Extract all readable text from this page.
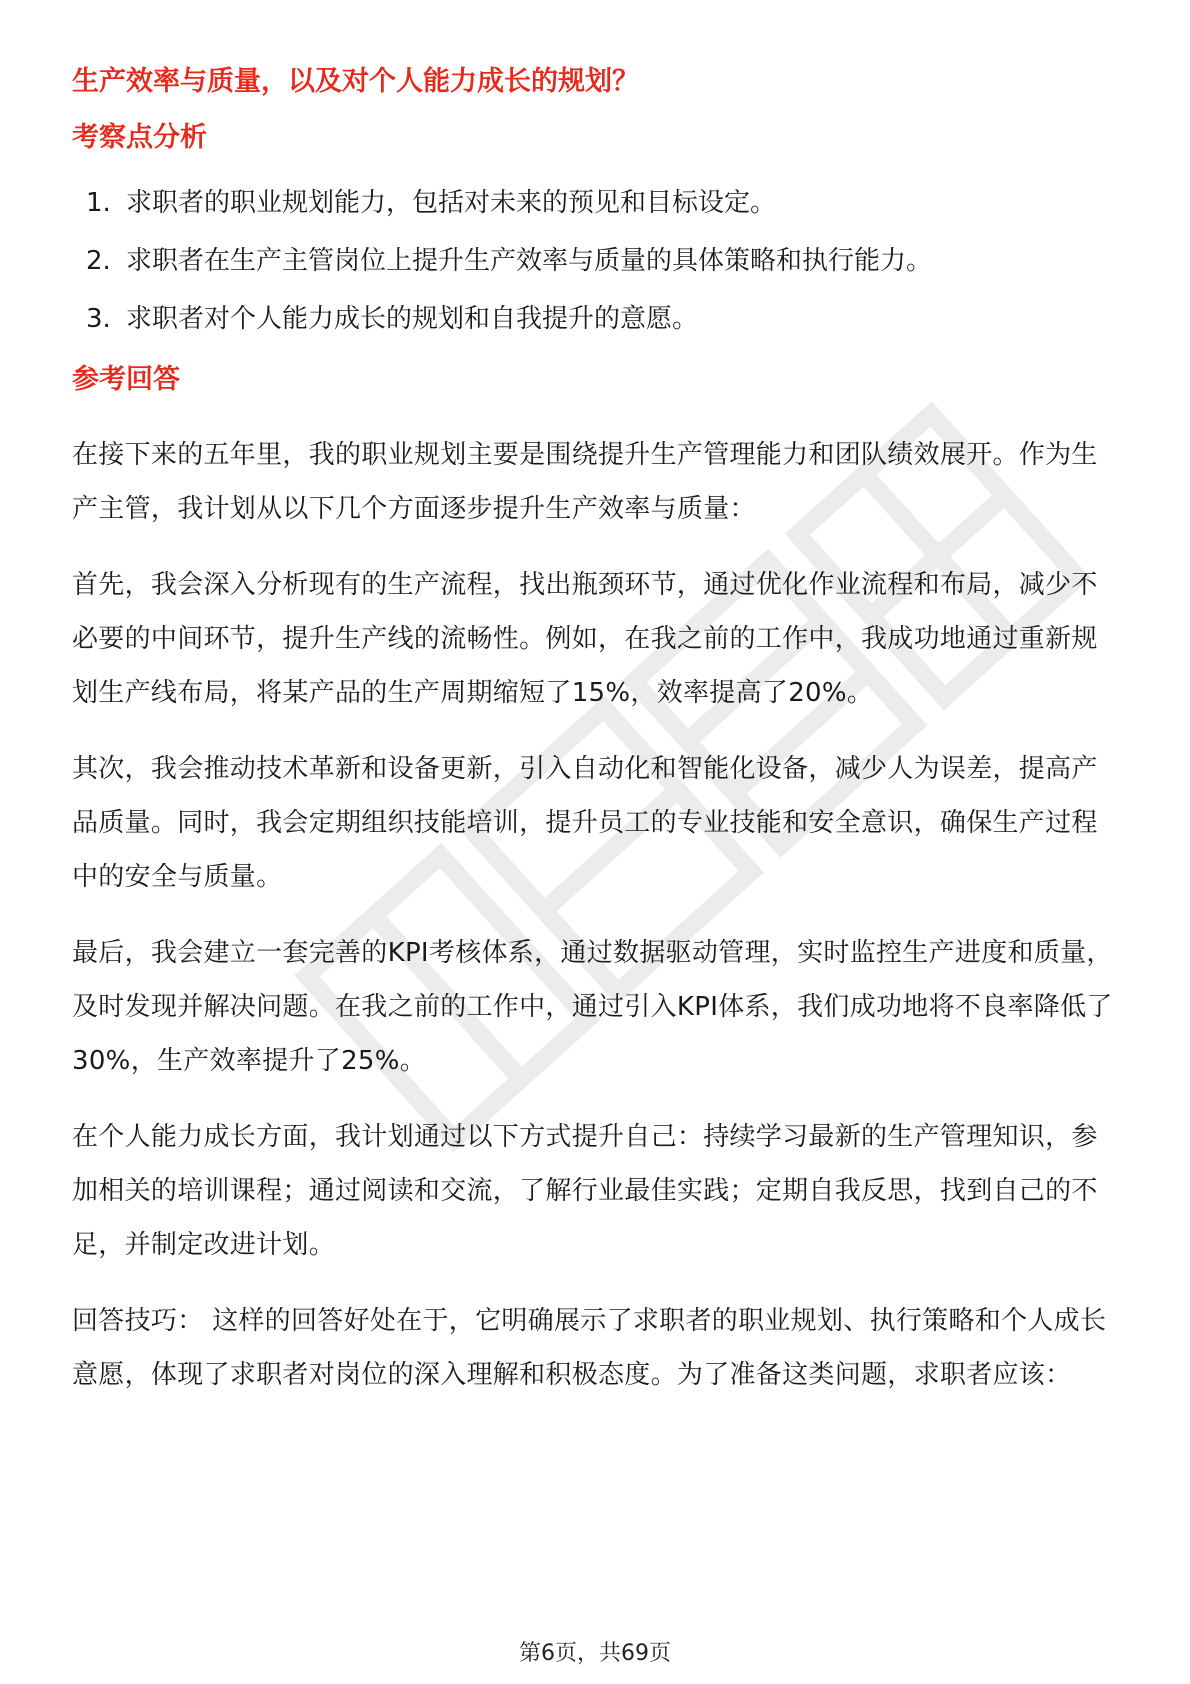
生产效率与质量，以及对个人能力成长的规划？
考察点分析
1. 求职者的职业规划能力，包括对未来的预见和目标设定。
2. 求职者在生产主管岗位上提升生产效率与质量的具体策略和执行能力。
3. 求职者对个人能力成长的规划和自我提升的意愿。
参考回答

在接下来的五年里，我的职业规划主要是围绕提升生产管理能力和团队绩效展开。作为生产主管，我计划从以下几个方面逐步提升生产效率与质量：

首先，我会深入分析现有的生产流程，找出瓶颈环节，通过优化作业流程和布局，减少不必要的中间环节，提升生产线的流畅性。例如，在我之前的工作中，我成功地通过重新规划生产线布局，将某产品的生产周期缩短了15%，效率提高了20%。

其次，我会推动技术革新和设备更新，引入自动化和智能化设备，减少人为误差，提高产品质量。同时，我会定期组织技能培训，提升员工的专业技能和安全意识，确保生产过程中的安全与质量。

最后，我会建立一套完善的KPI考核体系，通过数据驱动管理，实时监控生产进度和质量，及时发现并解决问题。在我之前的工作中，通过引入KPI体系，我们成功地将不良率降低了30%，生产效率提升了25%。

在个人能力成长方面，我计划通过以下方式提升自己：持续学习最新的生产管理知识，参加相关的培训课程；通过阅读和交流，了解行业最佳实践；定期自我反思，找到自己的不足，并制定改进计划。

回答技巧： 这样的回答好处在于，它明确展示了求职者的职业规划、执行策略和个人成长意愿，体现了求职者对岗位的深入理解和积极态度。为了准备这类问题，求职者应该：

第6页，共69页
